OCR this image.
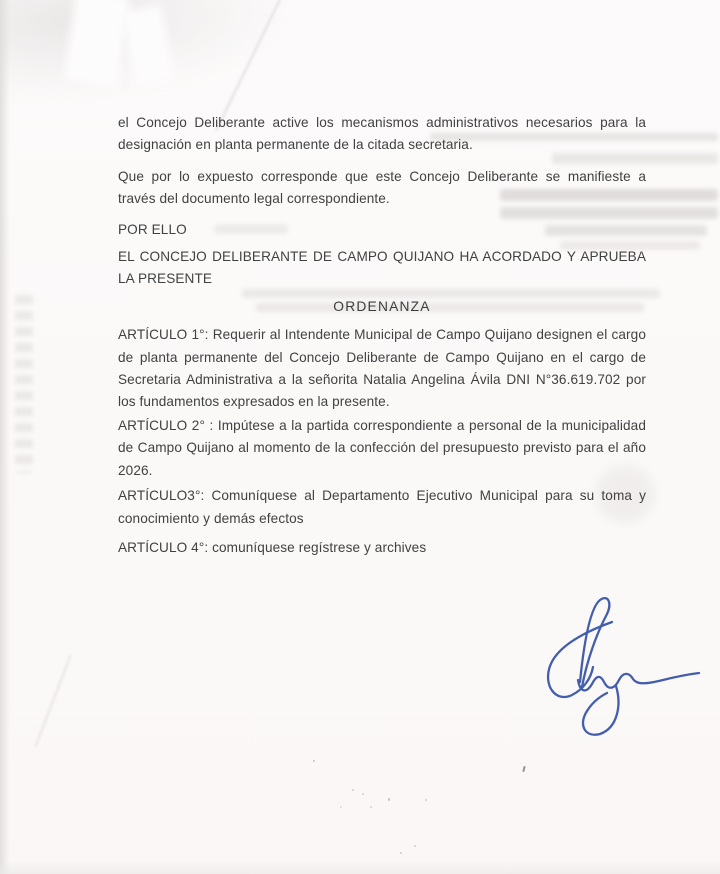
el Concejo Deliberante active los mecanismos administrativos necesarios para la designación en planta permanente de la citada secretaria.

Que por lo expuesto corresponde que este Concejo Deliberante se manifieste a través del documento legal correspondiente.

POR ELLO

EL CONCEJO DELIBERANTE DE CAMPO QUIJANO HA ACORDADO Y APRUEBA LA PRESENTE

ORDENANZA

ARTÍCULO 1°: Requerir al Intendente Municipal de Campo Quijano designen el cargo de planta permanente del Concejo Deliberante de Campo Quijano en el cargo de Secretaria Administrativa a la señorita Natalia Angelina Ávila DNI N°36.619.702 por los fundamentos expresados en la presente.

ARTÍCULO 2° : Impútese a la partida correspondiente a personal de la municipalidad de Campo Quijano al momento de la confección del presupuesto previsto para el año 2026.

ARTÍCULO3°: Comuníquese al Departamento Ejecutivo Municipal para su toma y conocimiento y demás efectos

ARTÍCULO 4°: comuníquese regístrese y archives
